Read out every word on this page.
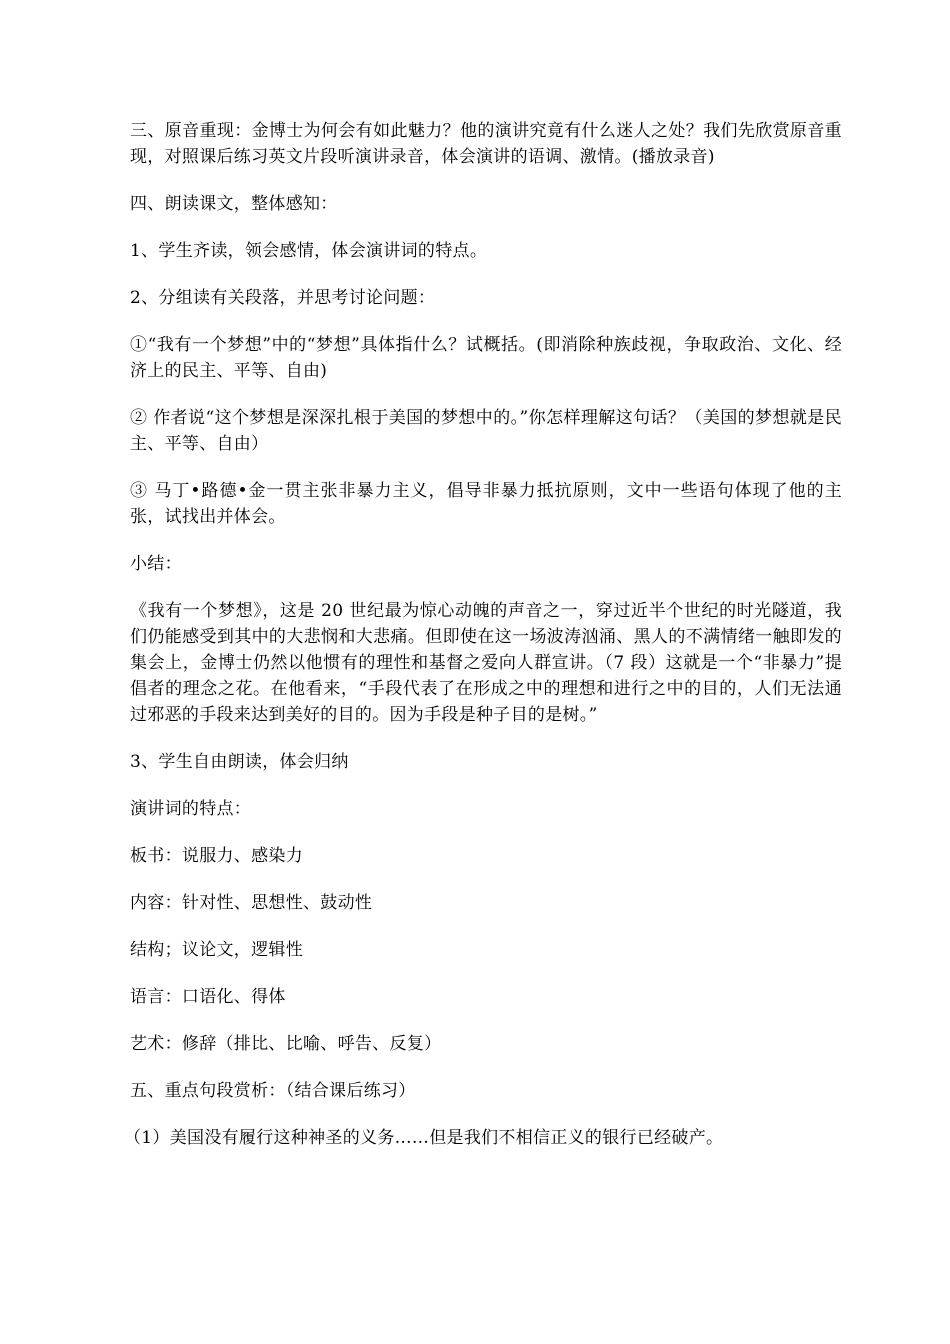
三、原音重现：金博士为何会有如此魅力？他的演讲究竟有什么迷人之处？我们先欣赏原音重现，对照课后练习英文片段听演讲录音，体会演讲的语调、激情。(播放录音)

四、朗读课文，整体感知：

1、学生齐读，领会感情，体会演讲词的特点。

2、分组读有关段落，并思考讨论问题：

①“我有一个梦想”中的“梦想”具体指什么？试概括。(即消除种族歧视，争取政治、文化、经济上的民主、平等、自由)

② 作者说“这个梦想是深深扎根于美国的梦想中的。”你怎样理解这句话？（美国的梦想就是民主、平等、自由）

③ 马丁•路德•金一贯主张非暴力主义，倡导非暴力抵抗原则，文中一些语句体现了他的主张，试找出并体会。

小结：

《我有一个梦想》，这是 20 世纪最为惊心动魄的声音之一，穿过近半个世纪的时光隧道，我们仍能感受到其中的大悲悯和大悲痛。但即使在这一场波涛汹涌、黑人的不满情绪一触即发的集会上，金博士仍然以他惯有的理性和基督之爱向人群宣讲。（7 段）这就是一个“非暴力”提倡者的理念之花。在他看来，“手段代表了在形成之中的理想和进行之中的目的，人们无法通过邪恶的手段来达到美好的目的。因为手段是种子目的是树。”

3、学生自由朗读，体会归纳

演讲词的特点：

板书：说服力、感染力

内容：针对性、思想性、鼓动性

结构；议论文，逻辑性

语言：口语化、得体

艺术：修辞（排比、比喻、呼告、反复）

五、重点句段赏析：（结合课后练习）

（1）美国没有履行这种神圣的义务……但是我们不相信正义的银行已经破产。
